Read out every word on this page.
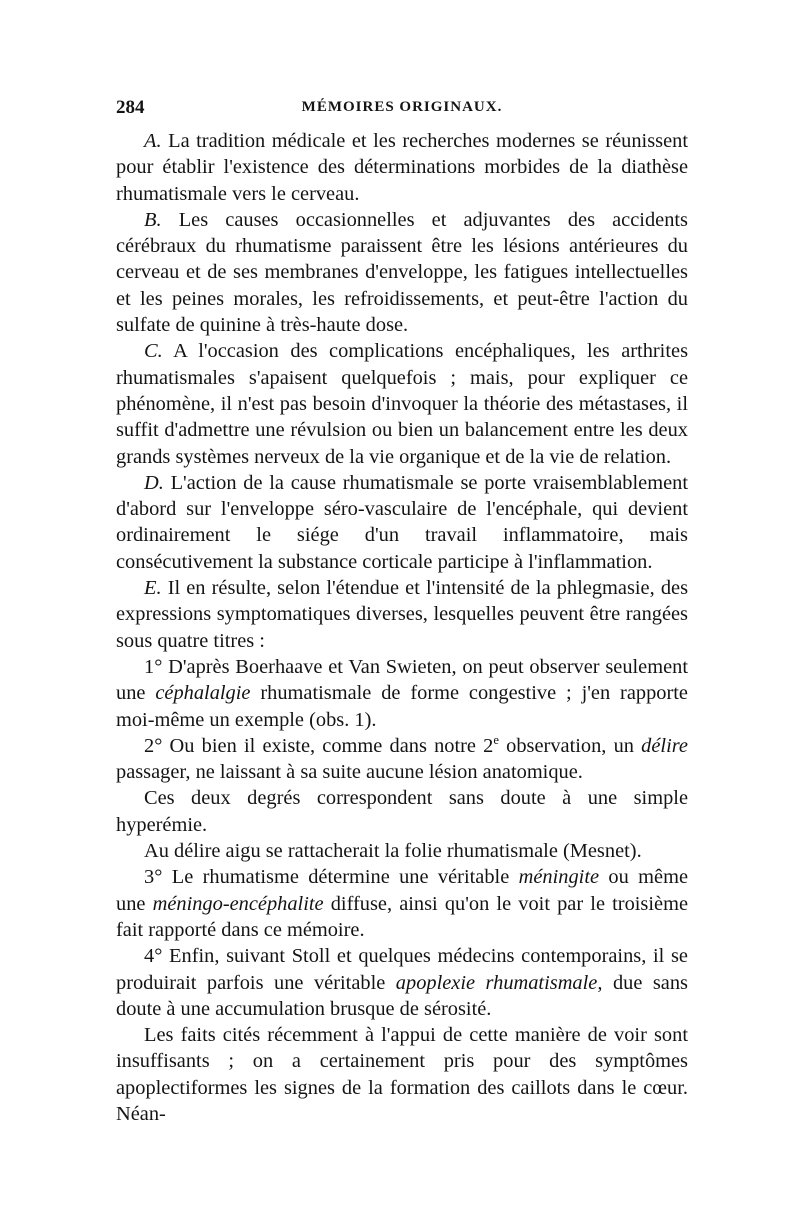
284	MÉMOIRES ORIGINAUX.

A. La tradition médicale et les recherches modernes se réunissent pour établir l'existence des déterminations morbides de la diathèse rhumatismale vers le cerveau.

B. Les causes occasionnelles et adjuvantes des accidents cérébraux du rhumatisme paraissent être les lésions antérieures du cerveau et de ses membranes d'enveloppe, les fatigues intellectuelles et les peines morales, les refroidissements, et peut-être l'action du sulfate de quinine à très-haute dose.

C. A l'occasion des complications encéphaliques, les arthrites rhumatismales s'apaisent quelquefois ; mais, pour expliquer ce phénomène, il n'est pas besoin d'invoquer la théorie des métastases, il suffit d'admettre une révulsion ou bien un balancement entre les deux grands systèmes nerveux de la vie organique et de la vie de relation.

D. L'action de la cause rhumatismale se porte vraisemblablement d'abord sur l'enveloppe séro-vasculaire de l'encéphale, qui devient ordinairement le siége d'un travail inflammatoire, mais consécutivement la substance corticale participe à l'inflammation.

E. Il en résulte, selon l'étendue et l'intensité de la phlegmasie, des expressions symptomatiques diverses, lesquelles peuvent être rangées sous quatre titres :

1° D'après Boerhaave et Van Swieten, on peut observer seulement une céphalalgie rhumatismale de forme congestive ; j'en rapporte moi-même un exemple (obs. 1).

2° Ou bien il existe, comme dans notre 2e observation, un délire passager, ne laissant à sa suite aucune lésion anatomique.

Ces deux degrés correspondent sans doute à une simple hyperémie.

Au délire aigu se rattacherait la folie rhumatismale (Mesnet).

3° Le rhumatisme détermine une véritable méningite ou même une méningo-encéphalite diffuse, ainsi qu'on le voit par le troisième fait rapporté dans ce mémoire.

4° Enfin, suivant Stoll et quelques médecins contemporains, il se produirait parfois une véritable apoplexie rhumatismale, due sans doute à une accumulation brusque de sérosité.

Les faits cités récemment à l'appui de cette manière de voir sont insuffisants ; on a certainement pris pour des symptômes apoplectiformes les signes de la formation des caillots dans le cœur. Néan-
